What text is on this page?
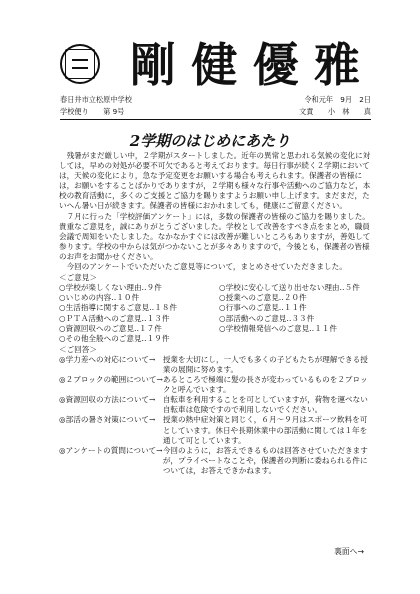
剛 健 優 雅
春日井市立松原中学校
学校便り　　第 9号
令和元年　9月　2日
文責　　小　林　　真
2学期のはじめにあたり

　残暑がまだ厳しい中，２学期がスタートしました。近年の異常と思われる気候の変化に対しては，早めの対処が必要不可欠であると考えております。毎日行事が続く２学期においては，天候の変化により，急な予定変更をお願いする場合も考えられます。保護者の皆様には，お願いをすることばかりでありますが，２学期も様々な行事や活動へのご協力など，本校の教育活動に，多くのご支援とご協力を賜りますようお願い申し上げます。まだまだ，たいへん暑い日が続きます。保護者の皆様におかれましても，健康にご留意ください。

　７月に行った「学校評価アンケート」には，多数の保護者の皆様のご協力を賜りました。貴重なご意見を，誠にありがとうございました。学校として改善をすべき点をまとめ，職員会議で周知をいたしました。なかなかすぐには改善が難しいところもありますが，善処して参ります。学校の中からは気がつかないことが多々ありますので，今後とも，保護者の皆様のお声をお聞かせください。

　今回のアンケートでいただいたご意見等について，まとめさせていただきました。

＜ご意見＞
○学校が楽しくない理由‥９件	○学校に安心して送り出せない理由‥５件
○いじめの内容‥１０件	○授業へのご意見‥２０件
○生活指導に関するご意見‥１８件	○行事へのご意見‥１１件
○ＰＴＡ活動へのご意見‥１３件	○部活動へのご意見‥３３件
○資源回収へのご意見‥１７件	○学校情報発信へのご意見‥１１件
○その他全般へのご意見‥１９件
＜ご回答＞
◎学力差への対応について→ 授業を大切にし，一人でも多くの子どもたちが理解できる授業の展開に努めます。
◎２ブロックの範囲について→ あるところで極端に髪の長さが変わっているものを２ブロックと呼んでいます。
◎資源回収の方法について→ 自転車を利用することを可としていますが，荷物を運べない自転車は危険ですので利用しないでください。
◎部活の暑さ対策について→ 授業の熱中症対策と同じく，６月～９月はスポーツ飲料を可としています。休日や長期休業中の部活動に関しては１年を通して可としています。
◎アンケートの質問について→ 今回のように，お答えできるものは回答させていただきますが，プライベートなことや，保護者の判断に委ねられる件については，お答えできかねます。
裏面へ→
